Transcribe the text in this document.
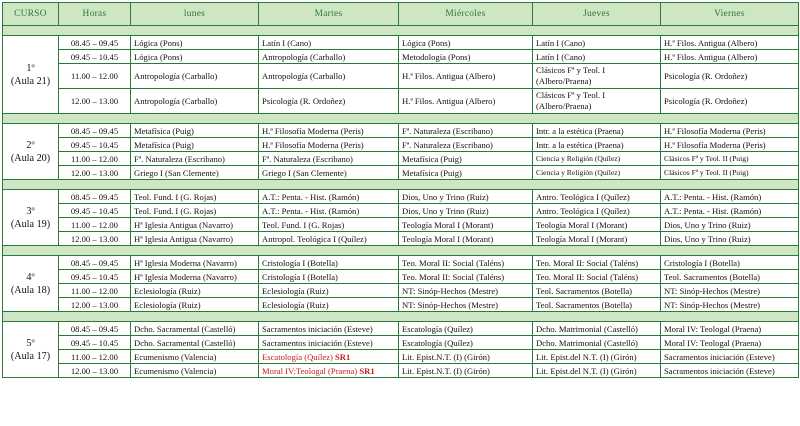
CURSO	Horas	lunes	Martes	Miércoles	Jueves	Viernes

1º
(Aula 21)	08.45 – 09.45	Lógica (Pons)	Latín I (Cano)	Lógica (Pons)	Latín I (Cano)	H.ª Filos. Antigua (Albero)
	09.45 – 10.45	Lógica (Pons)	Antropología (Carballo)	Metodología (Pons)	Latín I (Cano)	H.ª Filos. Antigua (Albero)
	11.00 – 12.00	Antropología (Carballo)	Antropología (Carballo)	H.ª Filos. Antigua (Albero)	Clásicos Fª y Teol. I (Albero/Praena)	Psicología (R. Ordoñez)
	12.00 – 13.00	Antropología (Carballo)	Psicología (R. Ordoñez)	H.ª Filos. Antigua (Albero)	Clásicos Fª y Teol. I (Albero/Praena)	Psicología (R. Ordoñez)

2º
(Aula 20)	08.45 – 09.45	Metafísica (Puig)	H.ª Filosofía Moderna (Peris)	Fª. Naturaleza (Escribano)	Intr. a la estética (Praena)	H.ª Filosofía Moderna (Peris)
	09.45 – 10.45	Metafísica (Puig)	H.ª Filosofía Moderna (Peris)	Fª. Naturaleza (Escribano)	Intr. a la estética (Praena)	H.ª Filosofía Moderna (Peris)
	11.00 – 12.00	Fª. Naturaleza (Escribano)	Fª. Naturaleza (Escribano)	Metafísica (Puig)	Ciencia y Religión (Quílez)	Clásicos Fª y Teol. II (Puig)
	12.00 – 13.00	Griego I (San Clemente)	Griego I (San Clemente)	Metafísica (Puig)	Ciencia y Religión (Quílez)	Clásicos Fª y Teol. II (Puig)

3º
(Aula 19)	08.45 – 09.45	Teol. Fund. I (G. Rojas)	A.T.: Penta. - Hist. (Ramón)	Dios, Uno y Trino (Ruiz)	Antro. Teológica I (Quílez)	A.T.: Penta. - Hist. (Ramón)
	09.45 – 10.45	Teol. Fund. I (G. Rojas)	A.T.: Penta. - Hist. (Ramón)	Dios, Uno y Trino (Ruiz)	Antro. Teológica I (Quílez)	A.T.: Penta. - Hist. (Ramón)
	11.00 – 12.00	Hª Iglesia Antigua (Navarro)	Teol. Fund. I (G. Rojas)	Teología Moral I (Morant)	Teología Moral I (Morant)	Dios, Uno y Trino (Ruiz)
	12.00 – 13.00	Hª Iglesia Antigua (Navarro)	Antropol. Teológica I (Quílez)	Teología Moral I (Morant)	Teología Moral I (Morant)	Dios, Uno y Trino (Ruiz)

4º
(Aula 18)	08.45 – 09.45	Hª Iglesia Moderna (Navarro)	Cristología I (Botella)	Teo. Moral II: Social (Taléns)	Teo. Moral II: Social (Taléns)	Cristología I (Botella)
	09.45 – 10.45	Hª Iglesia Moderna (Navarro)	Cristología I (Botella)	Teo. Moral II: Social (Taléns)	Teo. Moral II: Social (Taléns)	Teol. Sacramentos (Botella)
	11.00 – 12.00	Eclesiología (Ruiz)	Eclesiología (Ruiz)	NT: Sinóp-Hechos (Mestre)	Teol. Sacramentos (Botella)	NT: Sinóp-Hechos (Mestre)
	12.00 – 13.00	Eclesiología (Ruiz)	Eclesiología (Ruiz)	NT: Sinóp-Hechos (Mestre)	Teol. Sacramentos (Botella)	NT: Sinóp-Hechos (Mestre)

5º
(Aula 17)	08.45 – 09.45	Dcho. Sacramental (Castelló)	Sacramentos iniciación (Esteve)	Escatología (Quílez)	Dcho. Matrimonial (Castelló)	Moral IV: Teologal (Praena)
	09.45 – 10.45	Dcho. Sacramental (Castelló)	Sacramentos iniciación (Esteve)	Escatología (Quílez)	Dcho. Matrimonial (Castelló)	Moral IV: Teologal (Praena)
	11.00 – 12.00	Ecumenismo (Valencia)	Escatología (Quílez) SR1	Lit. Epist.N.T. (I) (Girón)	Lit. Epist.del N.T. (I) (Girón)	Sacramentos iniciación (Esteve)
	12.00 – 13.00	Ecumenismo (Valencia)	Moral IV:Teologal (Praena) SR1	Lit. Epist.N.T. (I) (Girón)	Lit. Epist.del N.T. (I) (Girón)	Sacramentos iniciación (Esteve)
